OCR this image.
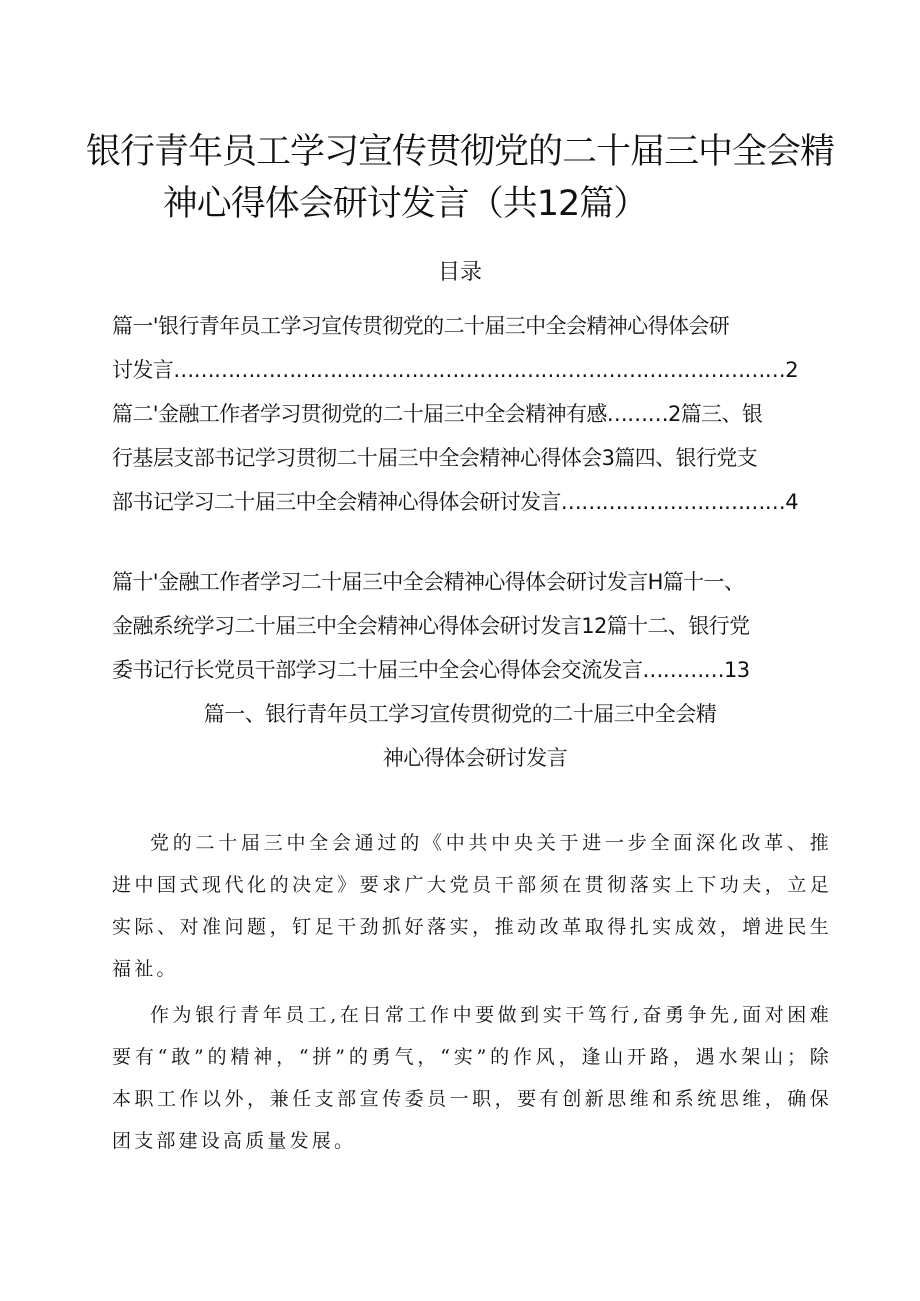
银行青年员工学习宣传贯彻党的二十届三中全会精
神心得体会研讨发言（共12篇）
目录
篇一'银行青年员工学习宣传贯彻党的二十届三中全会精神心得体会研
讨发言………………………………………………………………………………2
篇二'金融工作者学习贯彻党的二十届三中全会精神有感………2篇三、银
行基层支部书记学习贯彻二十届三中全会精神心得体会3篇四、银行党支
部书记学习二十届三中全会精神心得体会研讨发言……………………………4
篇十'金融工作者学习二十届三中全会精神心得体会研讨发言H篇十一、
金融系统学习二十届三中全会精神心得体会研讨发言12篇十二、银行党
委书记行长党员干部学习二十届三中全会心得体会交流发言…………13
篇一、银行青年员工学习宣传贯彻党的二十届三中全会精
神心得体会研讨发言

党的二十届三中全会通过的《中共中央关于进一步全面深化改革、推进中国式现代化的决定》要求广大党员干部须在贯彻落实上下功夫，立足实际、对准问题，钉足干劲抓好落实，推动改革取得扎实成效，增进民生福祉。

作为银行青年员工,在日常工作中要做到实干笃行,奋勇争先,面对困难要有“敢”的精神，“拼”的勇气，“实”的作风，逢山开路，遇水架山；除本职工作以外，兼任支部宣传委员一职，要有创新思维和系统思维，确保团支部建设高质量发展。
